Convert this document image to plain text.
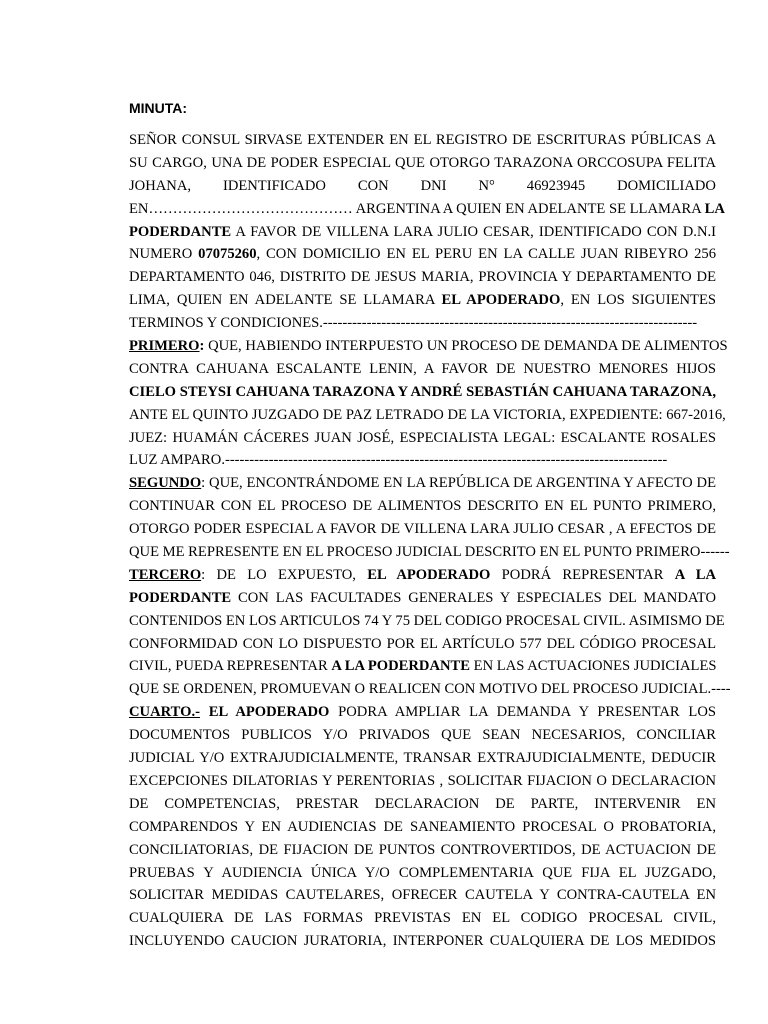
MINUTA:
SEÑOR CONSUL SIRVASE EXTENDER EN EL REGISTRO DE ESCRITURAS PÚBLICAS A
SU CARGO, UNA DE PODER ESPECIAL QUE OTORGO TARAZONA ORCCOSUPA FELITA
JOHANA, IDENTIFICADO CON DNI N° 46923945 DOMICILIADO
EN…………………………………… ARGENTINA A QUIEN EN ADELANTE SE LLAMARA LA
PODERDANTE A FAVOR DE VILLENA LARA JULIO CESAR, IDENTIFICADO CON D.N.I
NUMERO 07075260, CON DOMICILIO EN EL PERU EN LA CALLE JUAN RIBEYRO 256
DEPARTAMENTO 046, DISTRITO DE JESUS MARIA, PROVINCIA Y DEPARTAMENTO DE
LIMA, QUIEN EN ADELANTE SE LLAMARA EL APODERADO, EN LOS SIGUIENTES
TERMINOS Y CONDICIONES.-----------------------------------------------------------------------------
PRIMERO: QUE, HABIENDO INTERPUESTO UN PROCESO DE DEMANDA DE ALIMENTOS
CONTRA CAHUANA ESCALANTE LENIN, A FAVOR DE NUESTRO MENORES HIJOS
CIELO STEYSI CAHUANA TARAZONA Y ANDRÉ SEBASTIÁN CAHUANA TARAZONA,
ANTE EL QUINTO JUZGADO DE PAZ LETRADO DE LA VICTORIA, EXPEDIENTE: 667-2016,
JUEZ: HUAMÁN CÁCERES JUAN JOSÉ, ESPECIALISTA LEGAL: ESCALANTE ROSALES
LUZ AMPARO.-------------------------------------------------------------------------------------------
SEGUNDO: QUE, ENCONTRÁNDOME EN LA REPÚBLICA DE ARGENTINA Y AFECTO DE
CONTINUAR CON EL PROCESO DE ALIMENTOS DESCRITO EN EL PUNTO PRIMERO,
OTORGO PODER ESPECIAL A FAVOR DE VILLENA LARA JULIO CESAR , A EFECTOS DE
QUE ME REPRESENTE EN EL PROCESO JUDICIAL DESCRITO EN EL PUNTO PRIMERO------
TERCERO: DE LO EXPUESTO, EL APODERADO PODRÁ REPRESENTAR A LA
PODERDANTE CON LAS FACULTADES GENERALES Y ESPECIALES DEL MANDATO
CONTENIDOS EN LOS ARTICULOS 74 Y 75 DEL CODIGO PROCESAL CIVIL. ASIMISMO DE
CONFORMIDAD CON LO DISPUESTO POR EL ARTÍCULO 577 DEL CÓDIGO PROCESAL
CIVIL, PUEDA REPRESENTAR A LA PODERDANTE EN LAS ACTUACIONES JUDICIALES
QUE SE ORDENEN, PROMUEVAN O REALICEN CON MOTIVO DEL PROCESO JUDICIAL.----
CUARTO.- EL APODERADO PODRA AMPLIAR LA DEMANDA Y PRESENTAR LOS
DOCUMENTOS PUBLICOS Y/O PRIVADOS QUE SEAN NECESARIOS, CONCILIAR
JUDICIAL Y/O EXTRAJUDICIALMENTE, TRANSAR EXTRAJUDICIALMENTE, DEDUCIR
EXCEPCIONES DILATORIAS Y PERENTORIAS , SOLICITAR FIJACION O DECLARACION
DE COMPETENCIAS, PRESTAR DECLARACION DE PARTE, INTERVENIR EN
COMPARENDOS Y EN AUDIENCIAS DE SANEAMIENTO PROCESAL O PROBATORIA,
CONCILIATORIAS, DE FIJACION DE PUNTOS CONTROVERTIDOS, DE ACTUACION DE
PRUEBAS Y AUDIENCIA ÚNICA Y/O COMPLEMENTARIA QUE FIJA EL JUZGADO,
SOLICITAR MEDIDAS CAUTELARES, OFRECER CAUTELA Y CONTRA-CAUTELA EN
CUALQUIERA DE LAS FORMAS PREVISTAS EN EL CODIGO PROCESAL CIVIL,
INCLUYENDO CAUCION JURATORIA, INTERPONER CUALQUIERA DE LOS MEDIDOS
